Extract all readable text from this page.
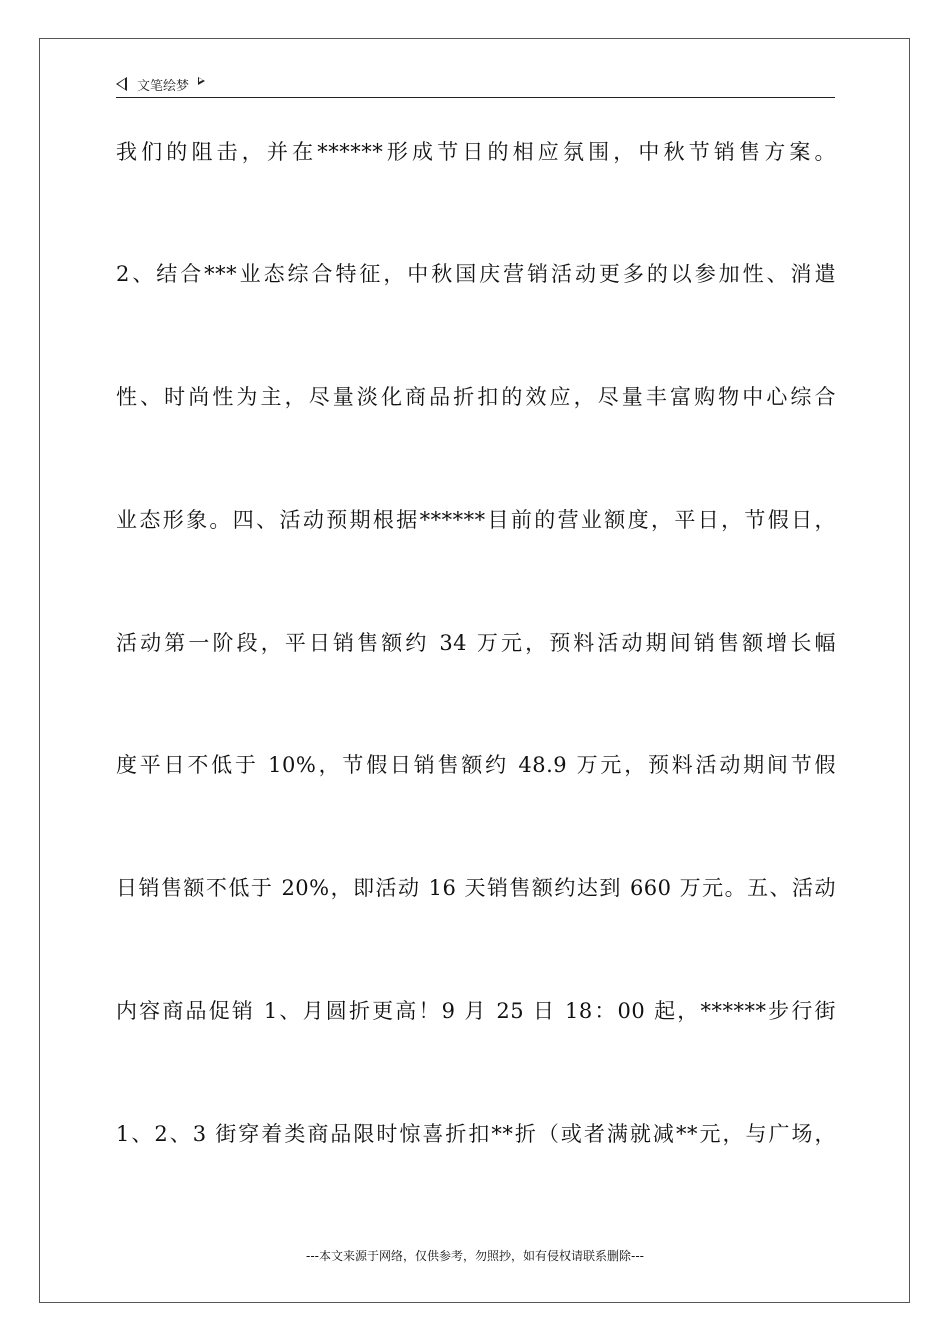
文笔绘梦
我们的阻击，并在******形成节日的相应氛围，中秋节销售方案。
2、结合***业态综合特征，中秋国庆营销活动更多的以参加性、消遣
性、时尚性为主，尽量淡化商品折扣的效应，尽量丰富购物中心综合
业态形象。四、活动预期根据******目前的营业额度，平日，节假日，
活动第一阶段，平日销售额约 34 万元，预料活动期间销售额增长幅
度平日不低于 10%，节假日销售额约 48.9 万元，预料活动期间节假
日销售额不低于 20%，即活动 16 天销售额约达到 660 万元。五、活动
内容商品促销 1、月圆折更高！9 月 25 日 18：00 起，******步行街
1、2、3 街穿着类商品限时惊喜折扣**折（或者满就减**元，与广场，
---本文来源于网络，仅供参考，勿照抄，如有侵权请联系删除---
